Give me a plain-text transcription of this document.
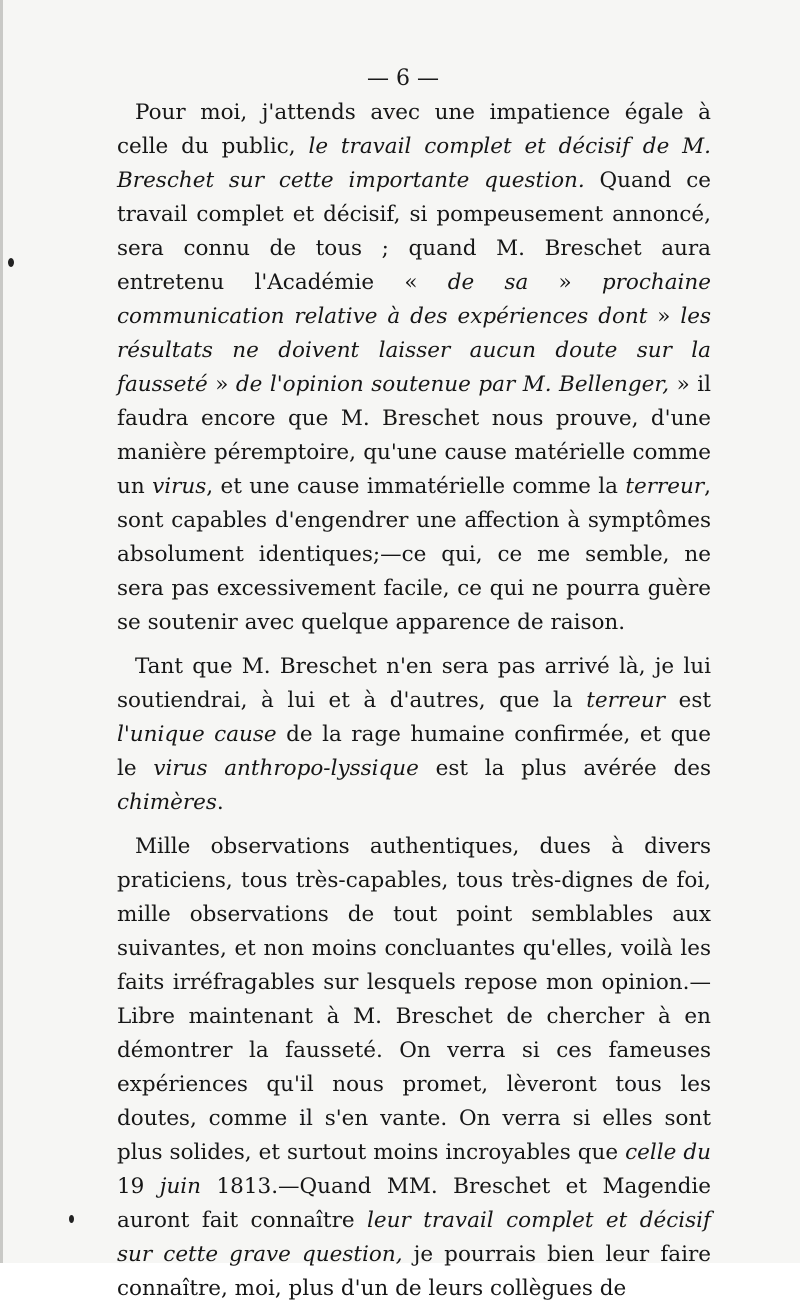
— 6 —

Pour moi, j'attends avec une impatience égale à celle du public, le travail complet et décisif de M. Breschet sur cette importante question. Quand ce travail complet et décisif, si pompeusement annoncé, sera connu de tous ; quand M. Breschet aura entretenu l'Académie « de sa » prochaine communication relative à des expériences dont » les résultats ne doivent laisser aucun doute sur la fausseté » de l'opinion soutenue par M. Bellenger, » il faudra encore que M. Breschet nous prouve, d'une manière péremptoire, qu'une cause matérielle comme un virus, et une cause immatérielle comme la terreur, sont capables d'engendrer une affection à symptômes absolument identiques;—ce qui, ce me semble, ne sera pas excessivement facile, ce qui ne pourra guère se soutenir avec quelque apparence de raison.

Tant que M. Breschet n'en sera pas arrivé là, je lui soutiendrai, à lui et à d'autres, que la terreur est l'unique cause de la rage humaine confirmée, et que le virus anthropo-lyssique est la plus avérée des chimères.

Mille observations authentiques, dues à divers praticiens, tous très-capables, tous très-dignes de foi, mille observations de tout point semblables aux suivantes, et non moins concluantes qu'elles, voilà les faits irréfragables sur lesquels repose mon opinion.—Libre maintenant à M. Breschet de chercher à en démontrer la fausseté. On verra si ces fameuses expériences qu'il nous promet, lèveront tous les doutes, comme il s'en vante. On verra si elles sont plus solides, et surtout moins incroyables que celle du 19 juin 1813.—Quand MM. Breschet et Magendie auront fait connaître leur travail complet et décisif sur cette grave question, je pourrais bien leur faire connaître, moi, plus d'un de leurs collègues de
